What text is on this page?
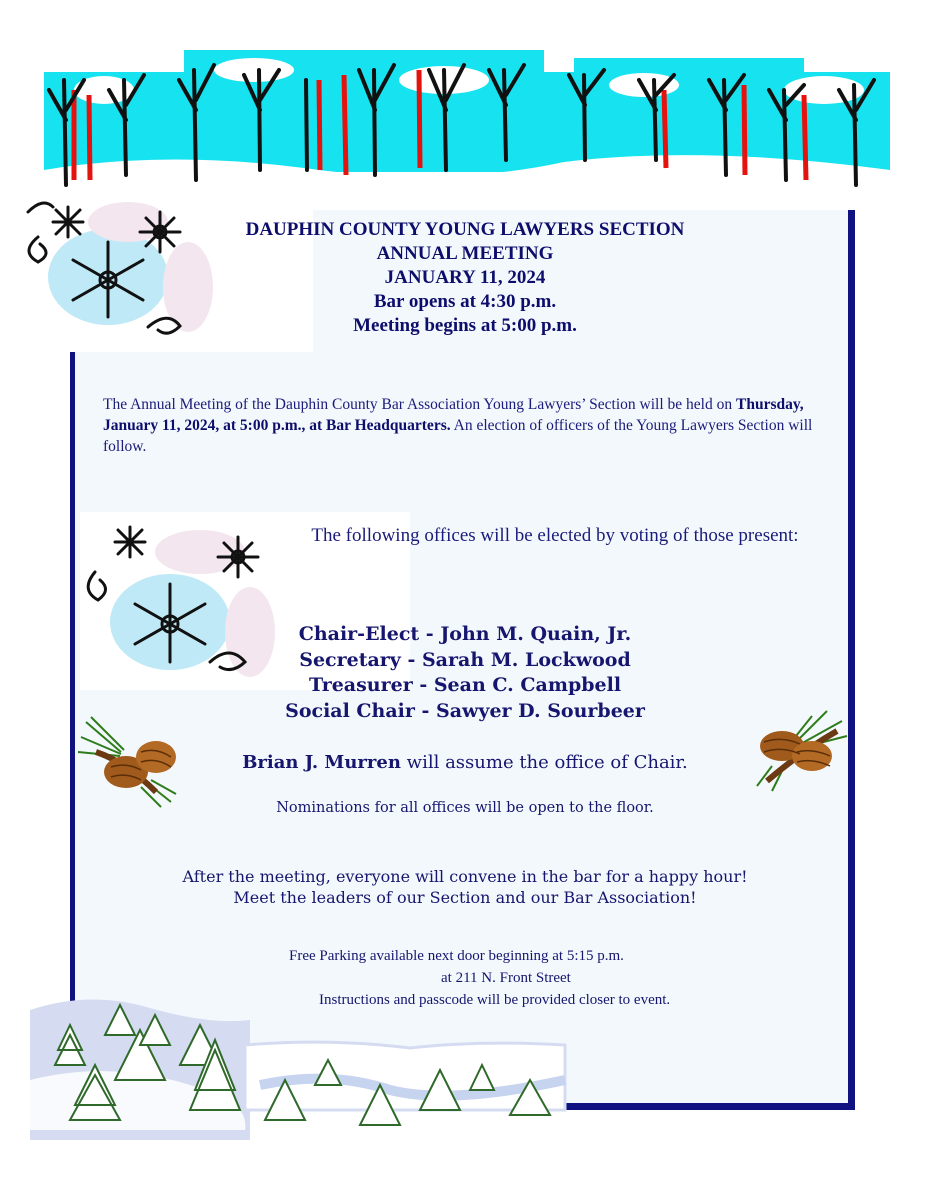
DAUPHIN COUNTY YOUNG LAWYERS SECTION
ANNUAL MEETING
JANUARY 11, 2024
Bar opens at 4:30 p.m.
Meeting begins at 5:00 p.m.
The Annual Meeting of the Dauphin County Bar Association Young Lawyers’ Section will be held on Thursday, January 11, 2024, at 5:00 p.m., at Bar Headquarters. An election of officers of the Young Lawyers Section will follow.
The following offices will be elected by voting of those present:
Chair-Elect - John M. Quain, Jr.
Secretary - Sarah M. Lockwood
Treasurer - Sean C. Campbell
Social Chair - Sawyer D. Sourbeer
Brian J. Murren will assume the office of Chair.
Nominations for all offices will be open to the floor.
After the meeting, everyone will convene in the bar for a happy hour!
Meet the leaders of our Section and our Bar Association!
Free Parking available next door beginning at 5:15 p.m.
at 211 N. Front Street
Instructions and passcode will be provided closer to event.
